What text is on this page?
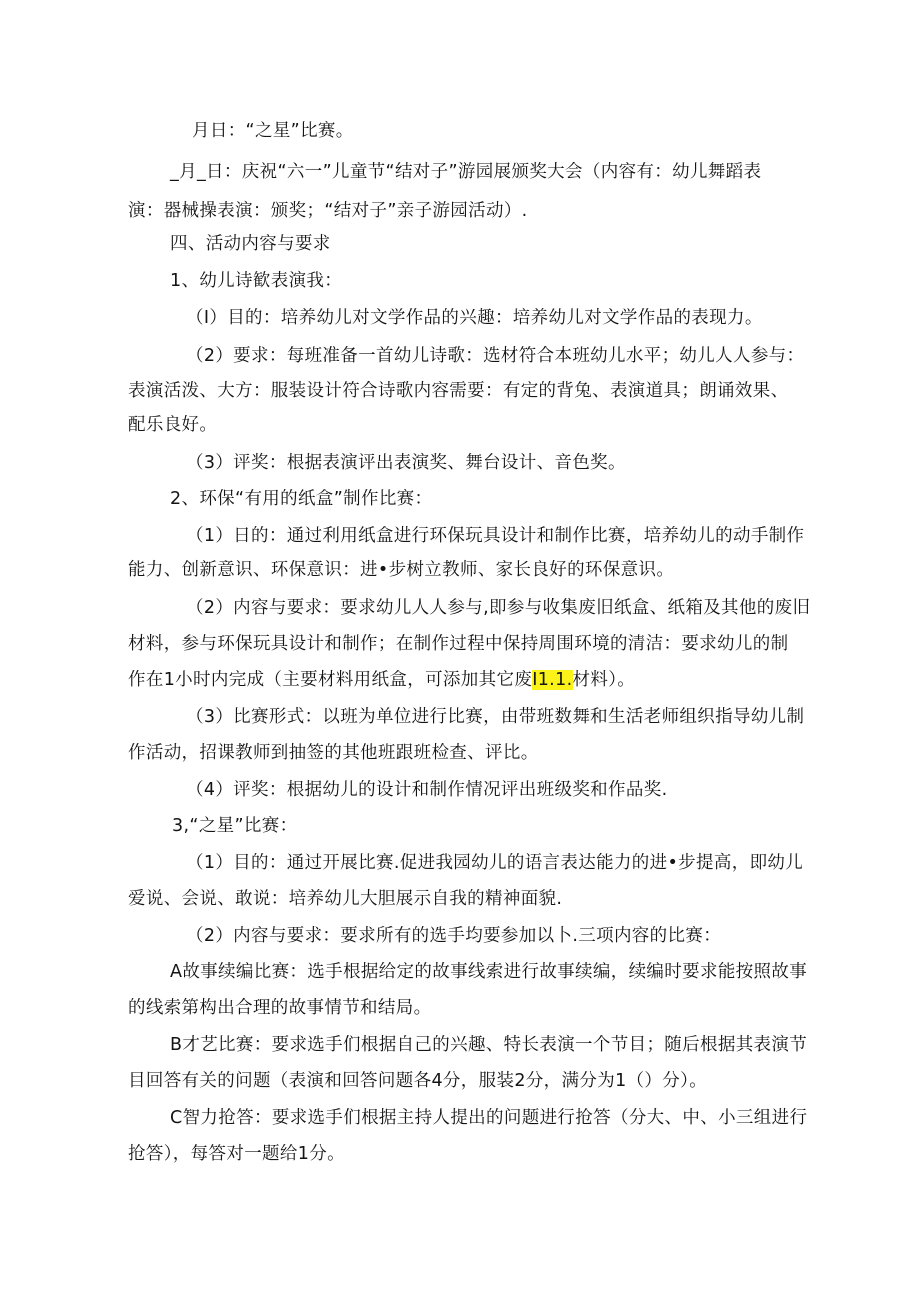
月日：“之星”比赛。
_月_日：庆祝“六一”儿童节“结对子”游园展颁奖大会（内容有：幼儿舞蹈表
演：器械操表演：颁奖；“结对子”亲子游园活动）.
四、活动内容与要求
1、幼儿诗歓表演我：
（I）目的：培养幼儿对文学作品的兴趣：培养幼儿对文学作品的表现力。
（2）要求：每班准备一首幼儿诗歌：选材符合本班幼儿水平；幼儿人人参与：
表演活泼、大方：服装设计符合诗歌内容需要：有定的背兔、表演道具；朗诵效果、
配乐良好。
（3）评奖：根据表演评出表演奖、舞台设计、音色奖。
2、环保“有用的纸盒”制作比赛：
（1）日的：通过利用纸盒进行环保玩具设计和制作比赛，培养幼儿的动手制作
能力、创新意识、环保意识：进•步树立教师、家长良好的环保意识。
（2）内容与要求：要求幼儿人人参与,即参与收集废旧纸盒、纸箱及其他的废旧
材料，参与环保玩具设计和制作；在制作过程中保持周围环境的清洁：要求幼儿的制
作在1小时内完成（主要材料用纸盒，可添加其它废I1.1.材料）。
（3）比赛形式：以班为单位进行比赛，由带班数舞和生活老师组织指导幼儿制
作活动，招课教师到抽签的其他班跟班检查、评比。
（4）评奖：根据幼儿的设计和制作情况评出班级奖和作品奖.
3,“之星”比赛：
（1）目的：通过开展比赛.促进我园幼儿的语言表达能力的进•步提高，即幼儿
爱说、会说、敢说：培养幼儿大胆展示自我的精神面貌.
（2）内容与要求：要求所有的选手均要参加以卜.三项内容的比赛：
A故事续编比赛：选手根据给定的故事线索进行故事续编，续编时要求能按照故事
的线索第构出合理的故事情节和结局。
B才艺比赛：要求选手们根据自己的兴趣、特长表演一个节目；随后根据其表演节
目回答有关的问题（表演和回答问题各4分，服装2分，满分为1（）分）。
C智力抢答：要求选手们根据主持人提出的问题进行抢答（分大、中、小三组进行
抢答），每答对一题给1分。
